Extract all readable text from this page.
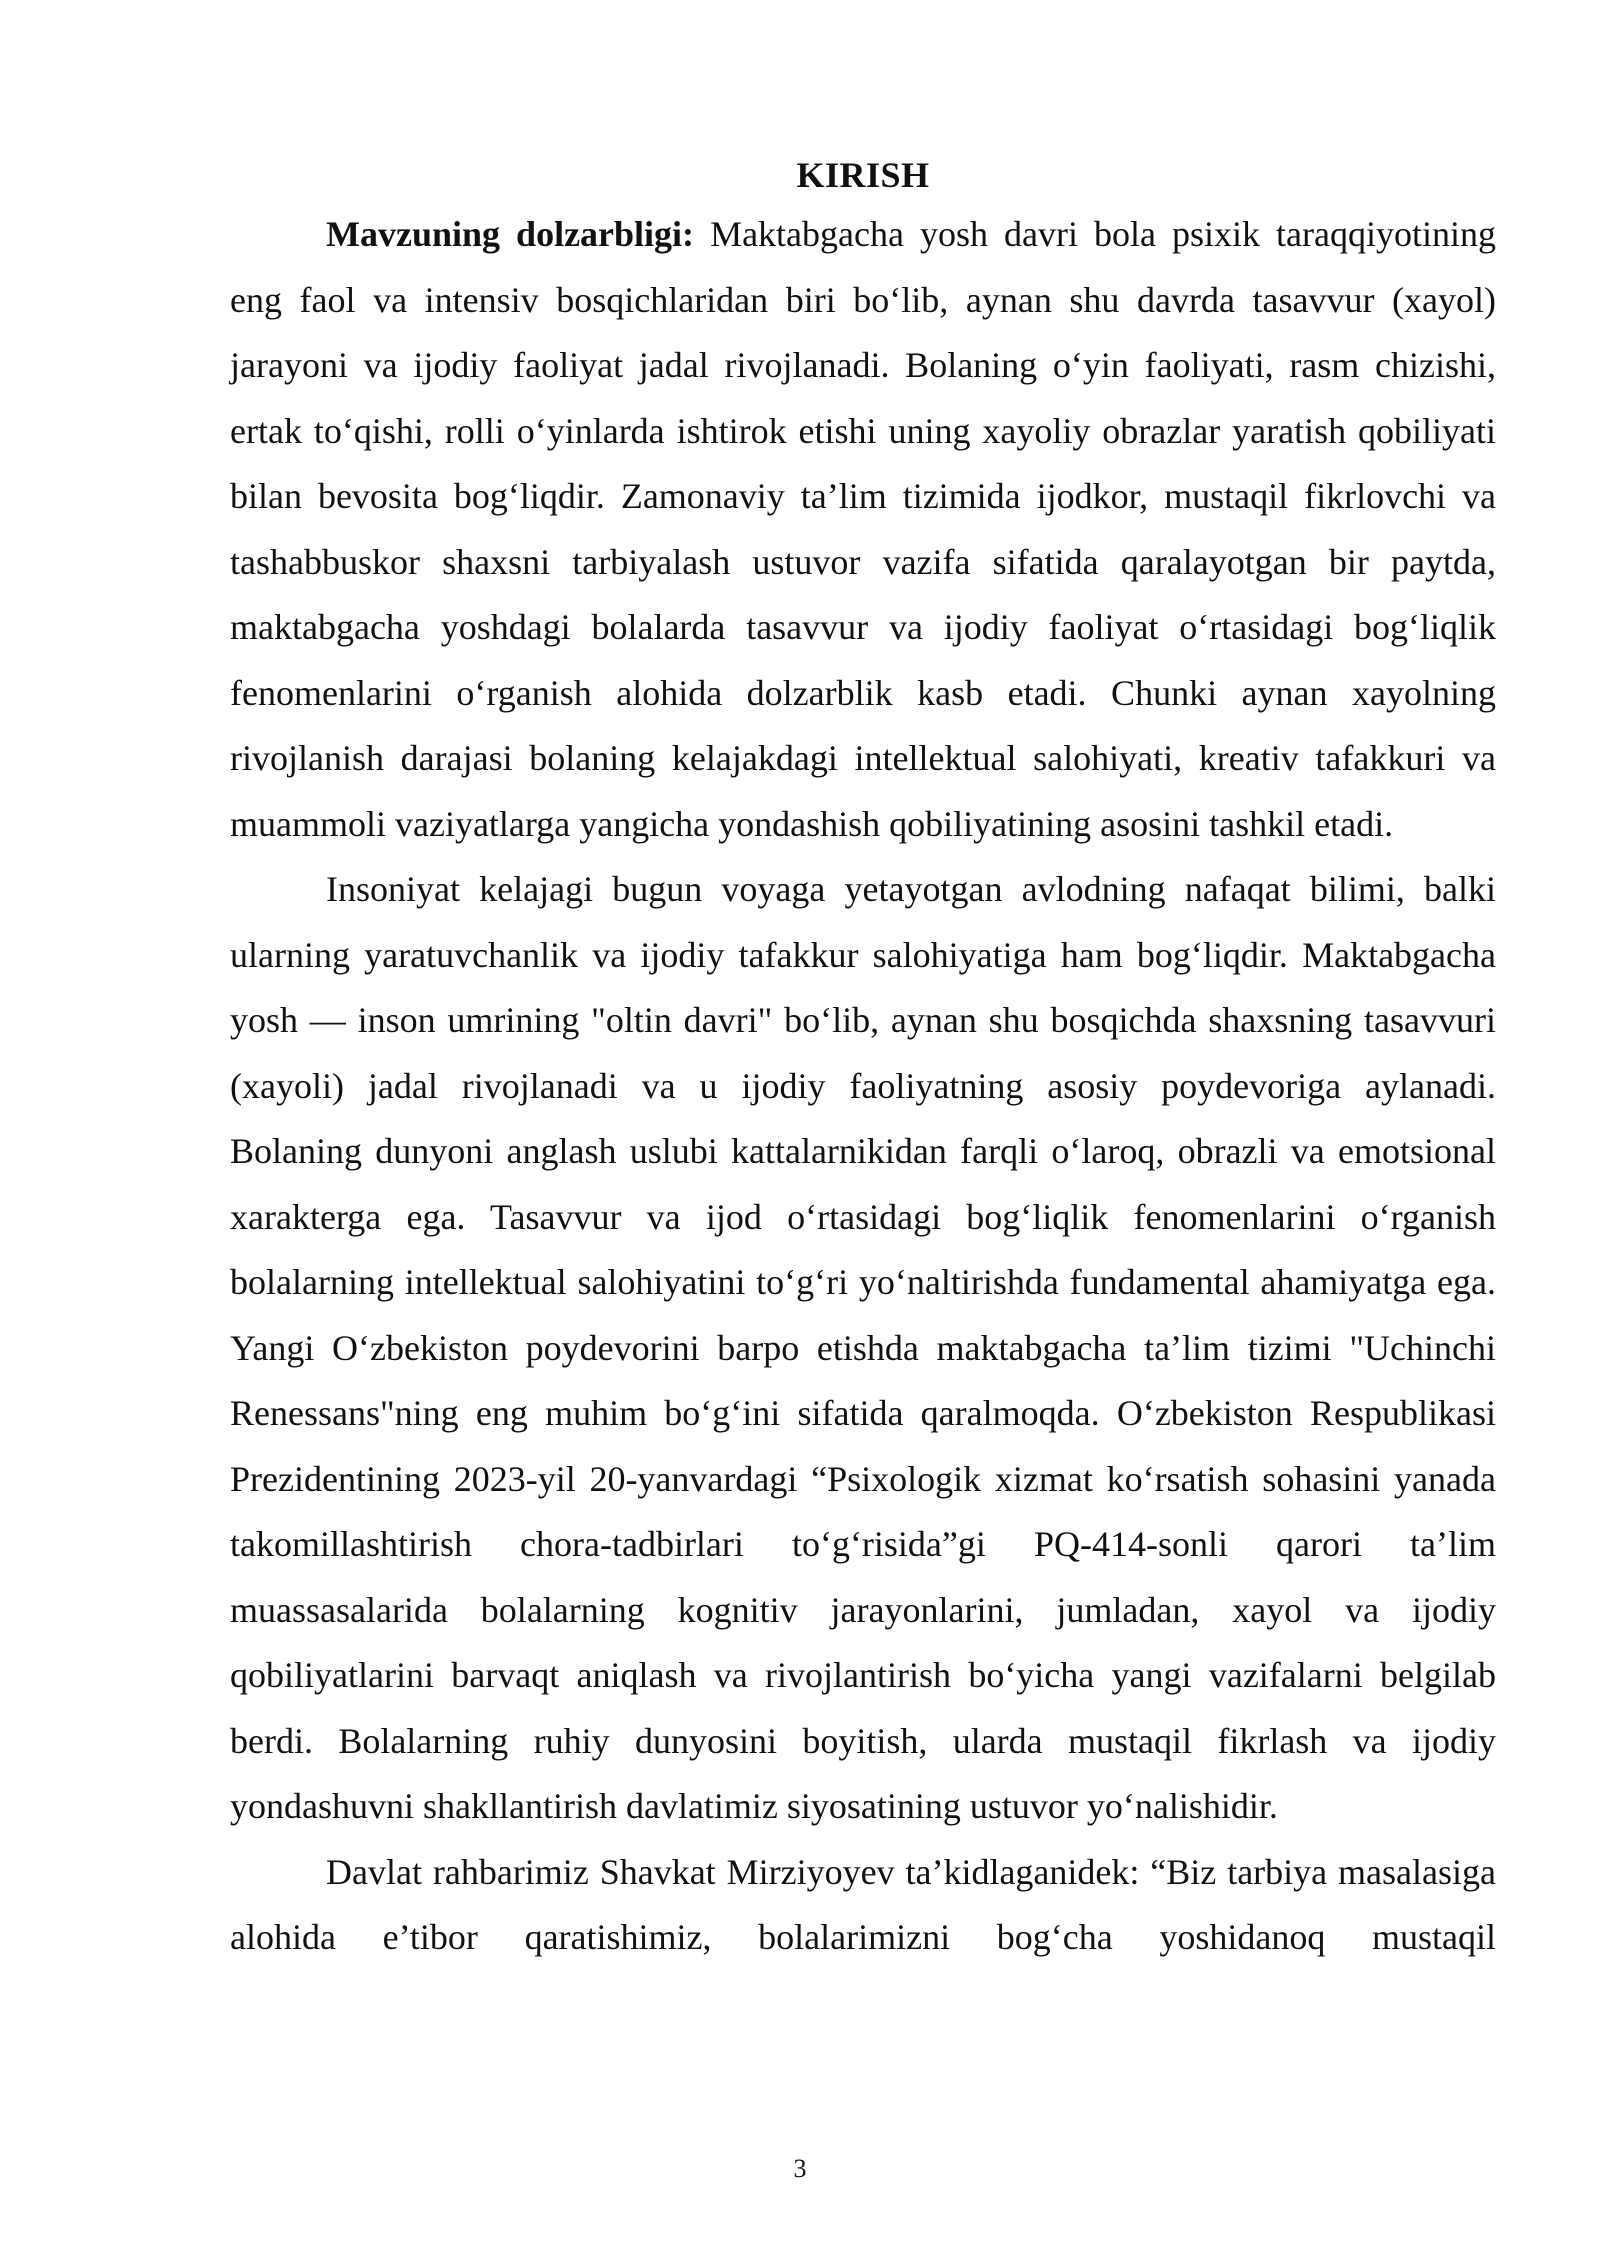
KIRISH

Mavzuning dolzarbligi: Maktabgacha yosh davri bola psixik taraqqiyotining eng faol va intensiv bosqichlaridan biri bo‘lib, aynan shu davrda tasavvur (xayol) jarayoni va ijodiy faoliyat jadal rivojlanadi. Bolaning o‘yin faoliyati, rasm chizishi, ertak to‘qishi, rolli o‘yinlarda ishtirok etishi uning xayoliy obrazlar yaratish qobiliyati bilan bevosita bog‘liqdir. Zamonaviy ta’lim tizimida ijodkor, mustaqil fikrlovchi va tashabbuskor shaxsni tarbiyalash ustuvor vazifa sifatida qaralayotgan bir paytda, maktabgacha yoshdagi bolalarda tasavvur va ijodiy faoliyat o‘rtasidagi bog‘liqlik fenomenlarini o‘rganish alohida dolzarblik kasb etadi. Chunki aynan xayolning rivojlanish darajasi bolaning kelajakdagi intellektual salohiyati, kreativ tafakkuri va muammoli vaziyatlarga yangicha yondashish qobiliyatining asosini tashkil etadi.

Insoniyat kelajagi bugun voyaga yetayotgan avlodning nafaqat bilimi, balki ularning yaratuvchanlik va ijodiy tafakkur salohiyatiga ham bog‘liqdir. Maktabgacha yosh — inson umrining "oltin davri" bo‘lib, aynan shu bosqichda shaxsning tasavvuri (xayoli) jadal rivojlanadi va u ijodiy faoliyatning asosiy poydevoriga aylanadi. Bolaning dunyoni anglash uslubi kattalarnikidan farqli o‘laroq, obrazli va emotsional xarakterga ega. Tasavvur va ijod o‘rtasidagi bog‘liqlik fenomenlarini o‘rganish bolalarning intellektual salohiyatini to‘g‘ri yo‘naltirishda fundamental ahamiyatga ega. Yangi O‘zbekiston poydevorini barpo etishda maktabgacha ta’lim tizimi "Uchinchi Renessans"ning eng muhim bo‘g‘ini sifatida qaralmoqda. O‘zbekiston Respublikasi Prezidentining 2023-yil 20-yanvardagi “Psixologik xizmat ko‘rsatish sohasini yanada takomillashtirish chora-tadbirlari to‘g‘risida”gi PQ-414-sonli qarori ta’lim muassasalarida bolalarning kognitiv jarayonlarini, jumladan, xayol va ijodiy qobiliyatlarini barvaqt aniqlash va rivojlantirish bo‘yicha yangi vazifalarni belgilab berdi. Bolalarning ruhiy dunyosini boyitish, ularda mustaqil fikrlash va ijodiy yondashuvni shakllantirish davlatimiz siyosatining ustuvor yo‘nalishidir.

Davlat rahbarimiz Shavkat Mirziyoyev ta’kidlaganidek: “Biz tarbiya masalasiga alohida e’tibor qaratishimiz, bolalarimizni bog‘cha yoshidanoq mustaqil

3
